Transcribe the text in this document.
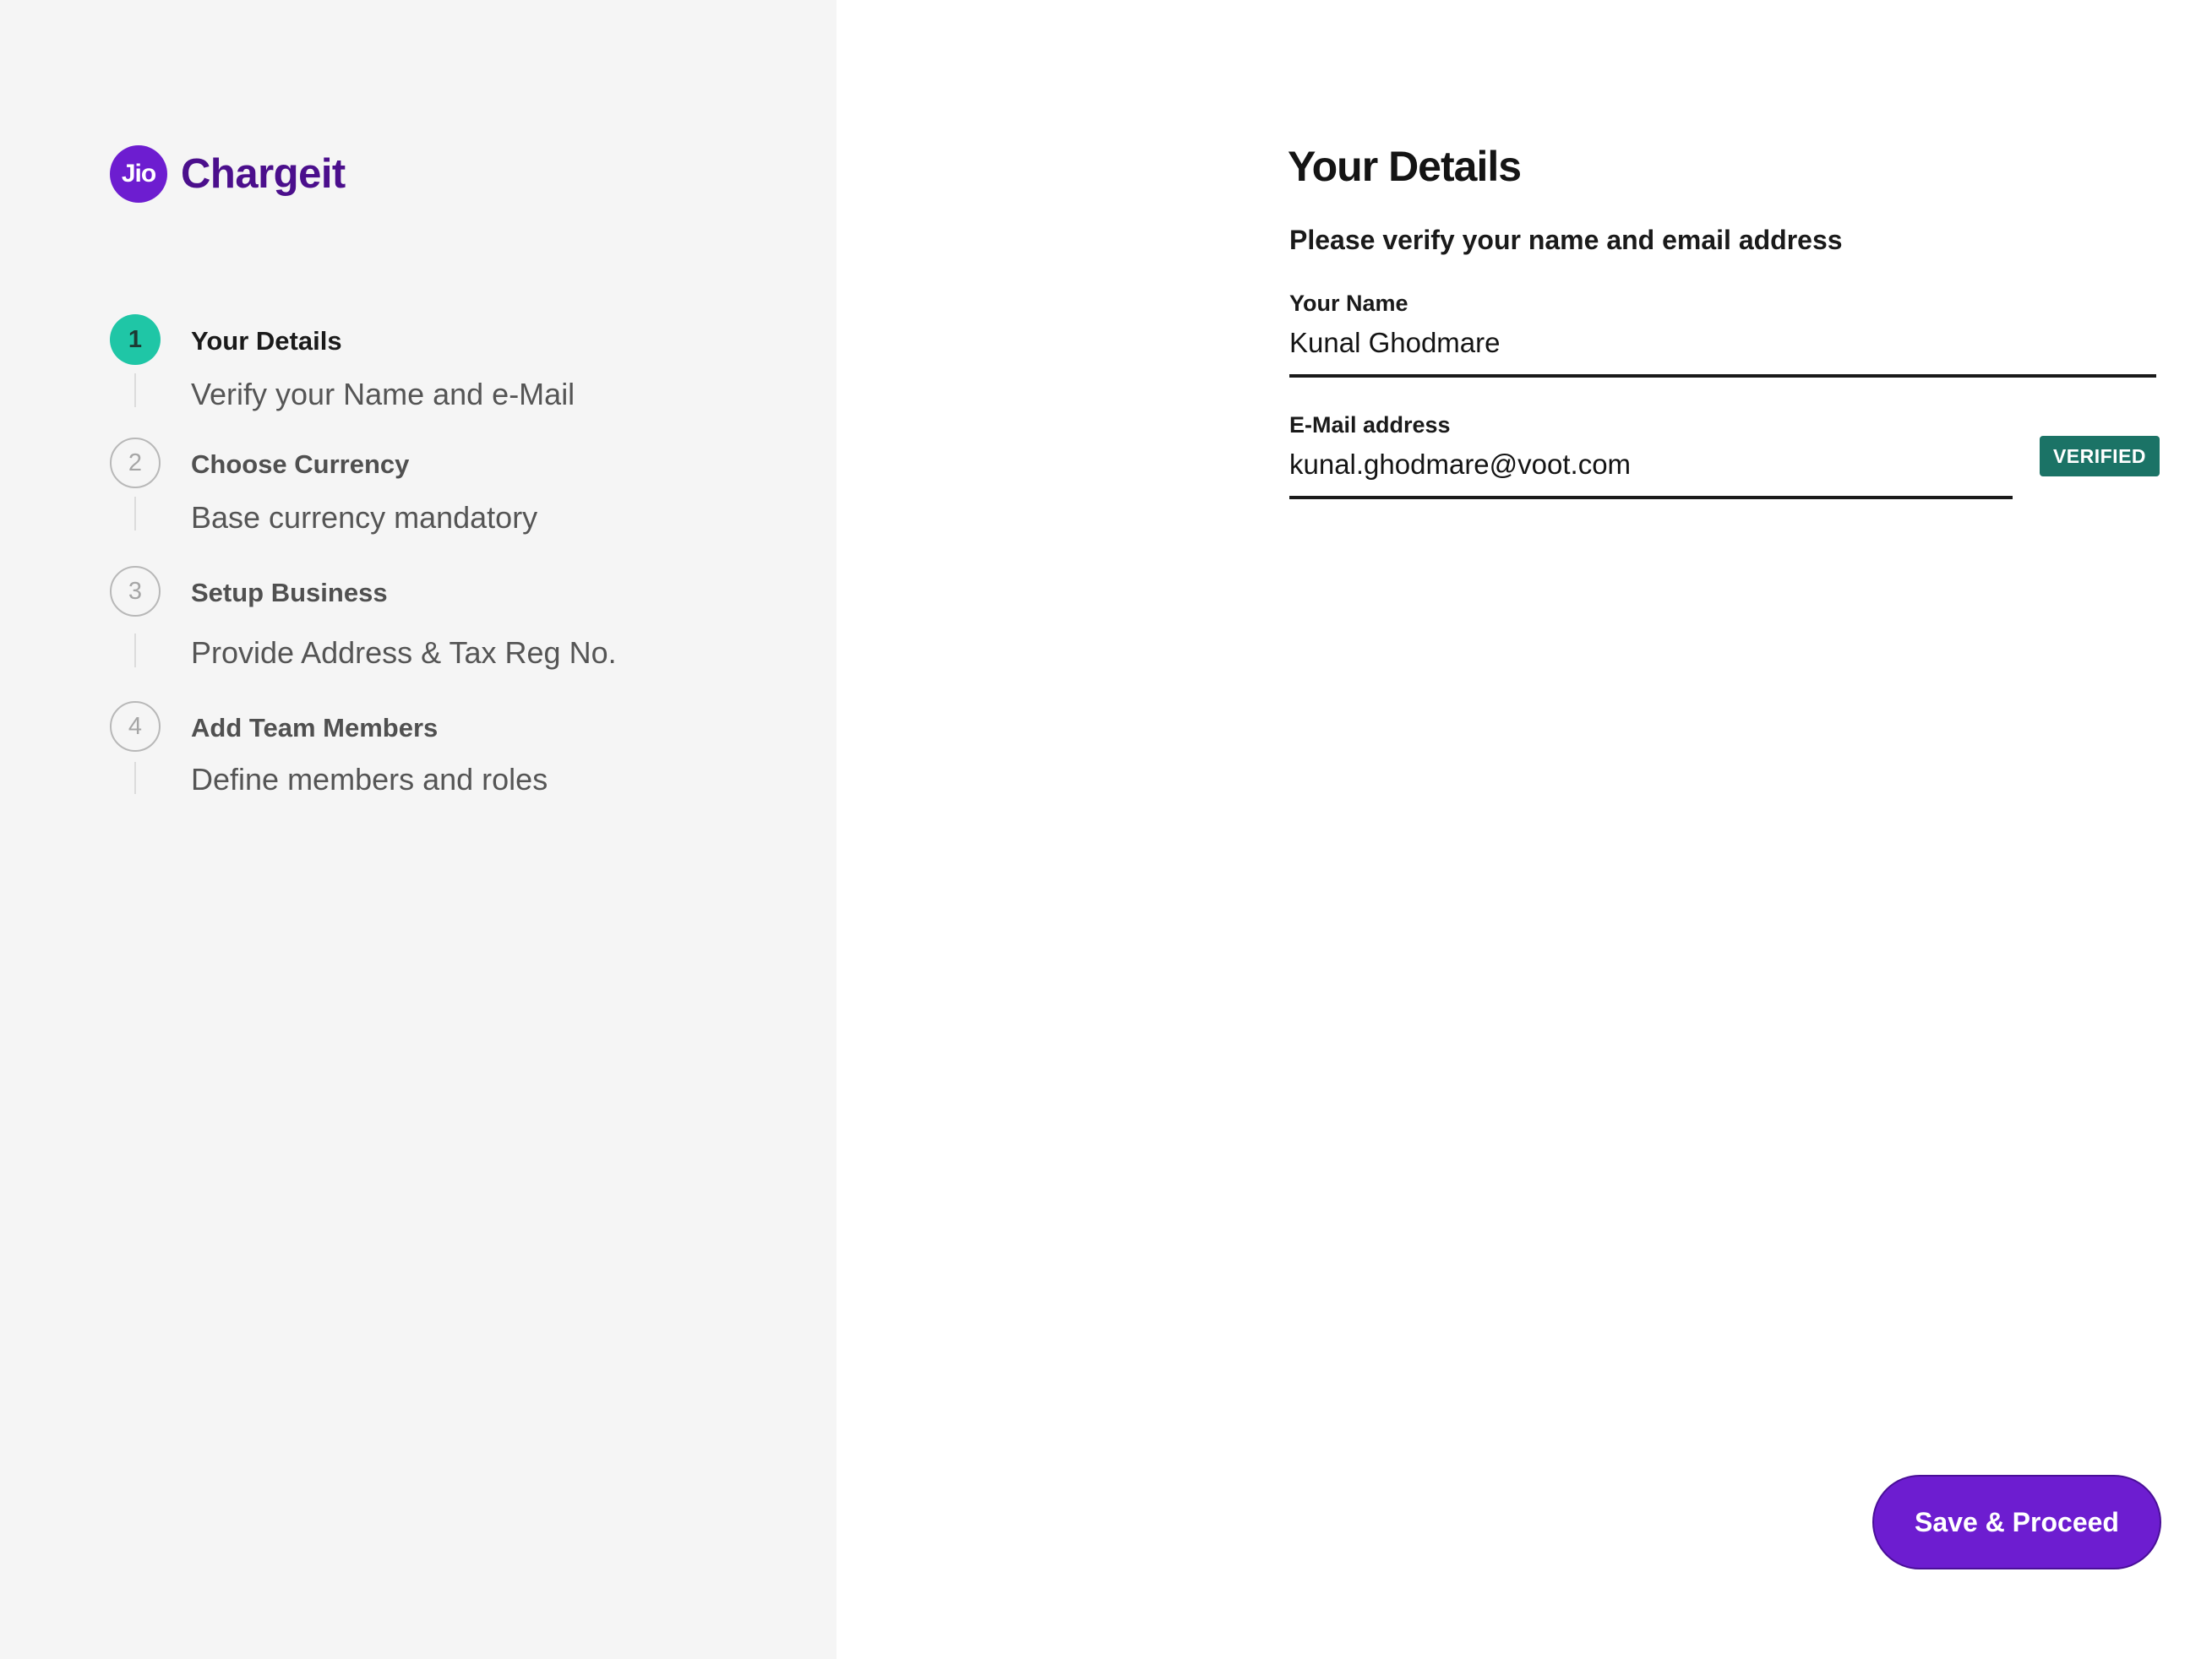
Jio Chargeit
1	Your Details
Verify your Name and e-Mail
2	Choose Currency
Base currency mandatory
3	Setup Business
Provide Address & Tax Reg No.
4	Add Team Members
Define members and roles
Your Details
Please verify your name and email address
Your Name
Kunal Ghodmare
E-Mail address
kunal.ghodmare@voot.com
VERIFIED
Save & Proceed
